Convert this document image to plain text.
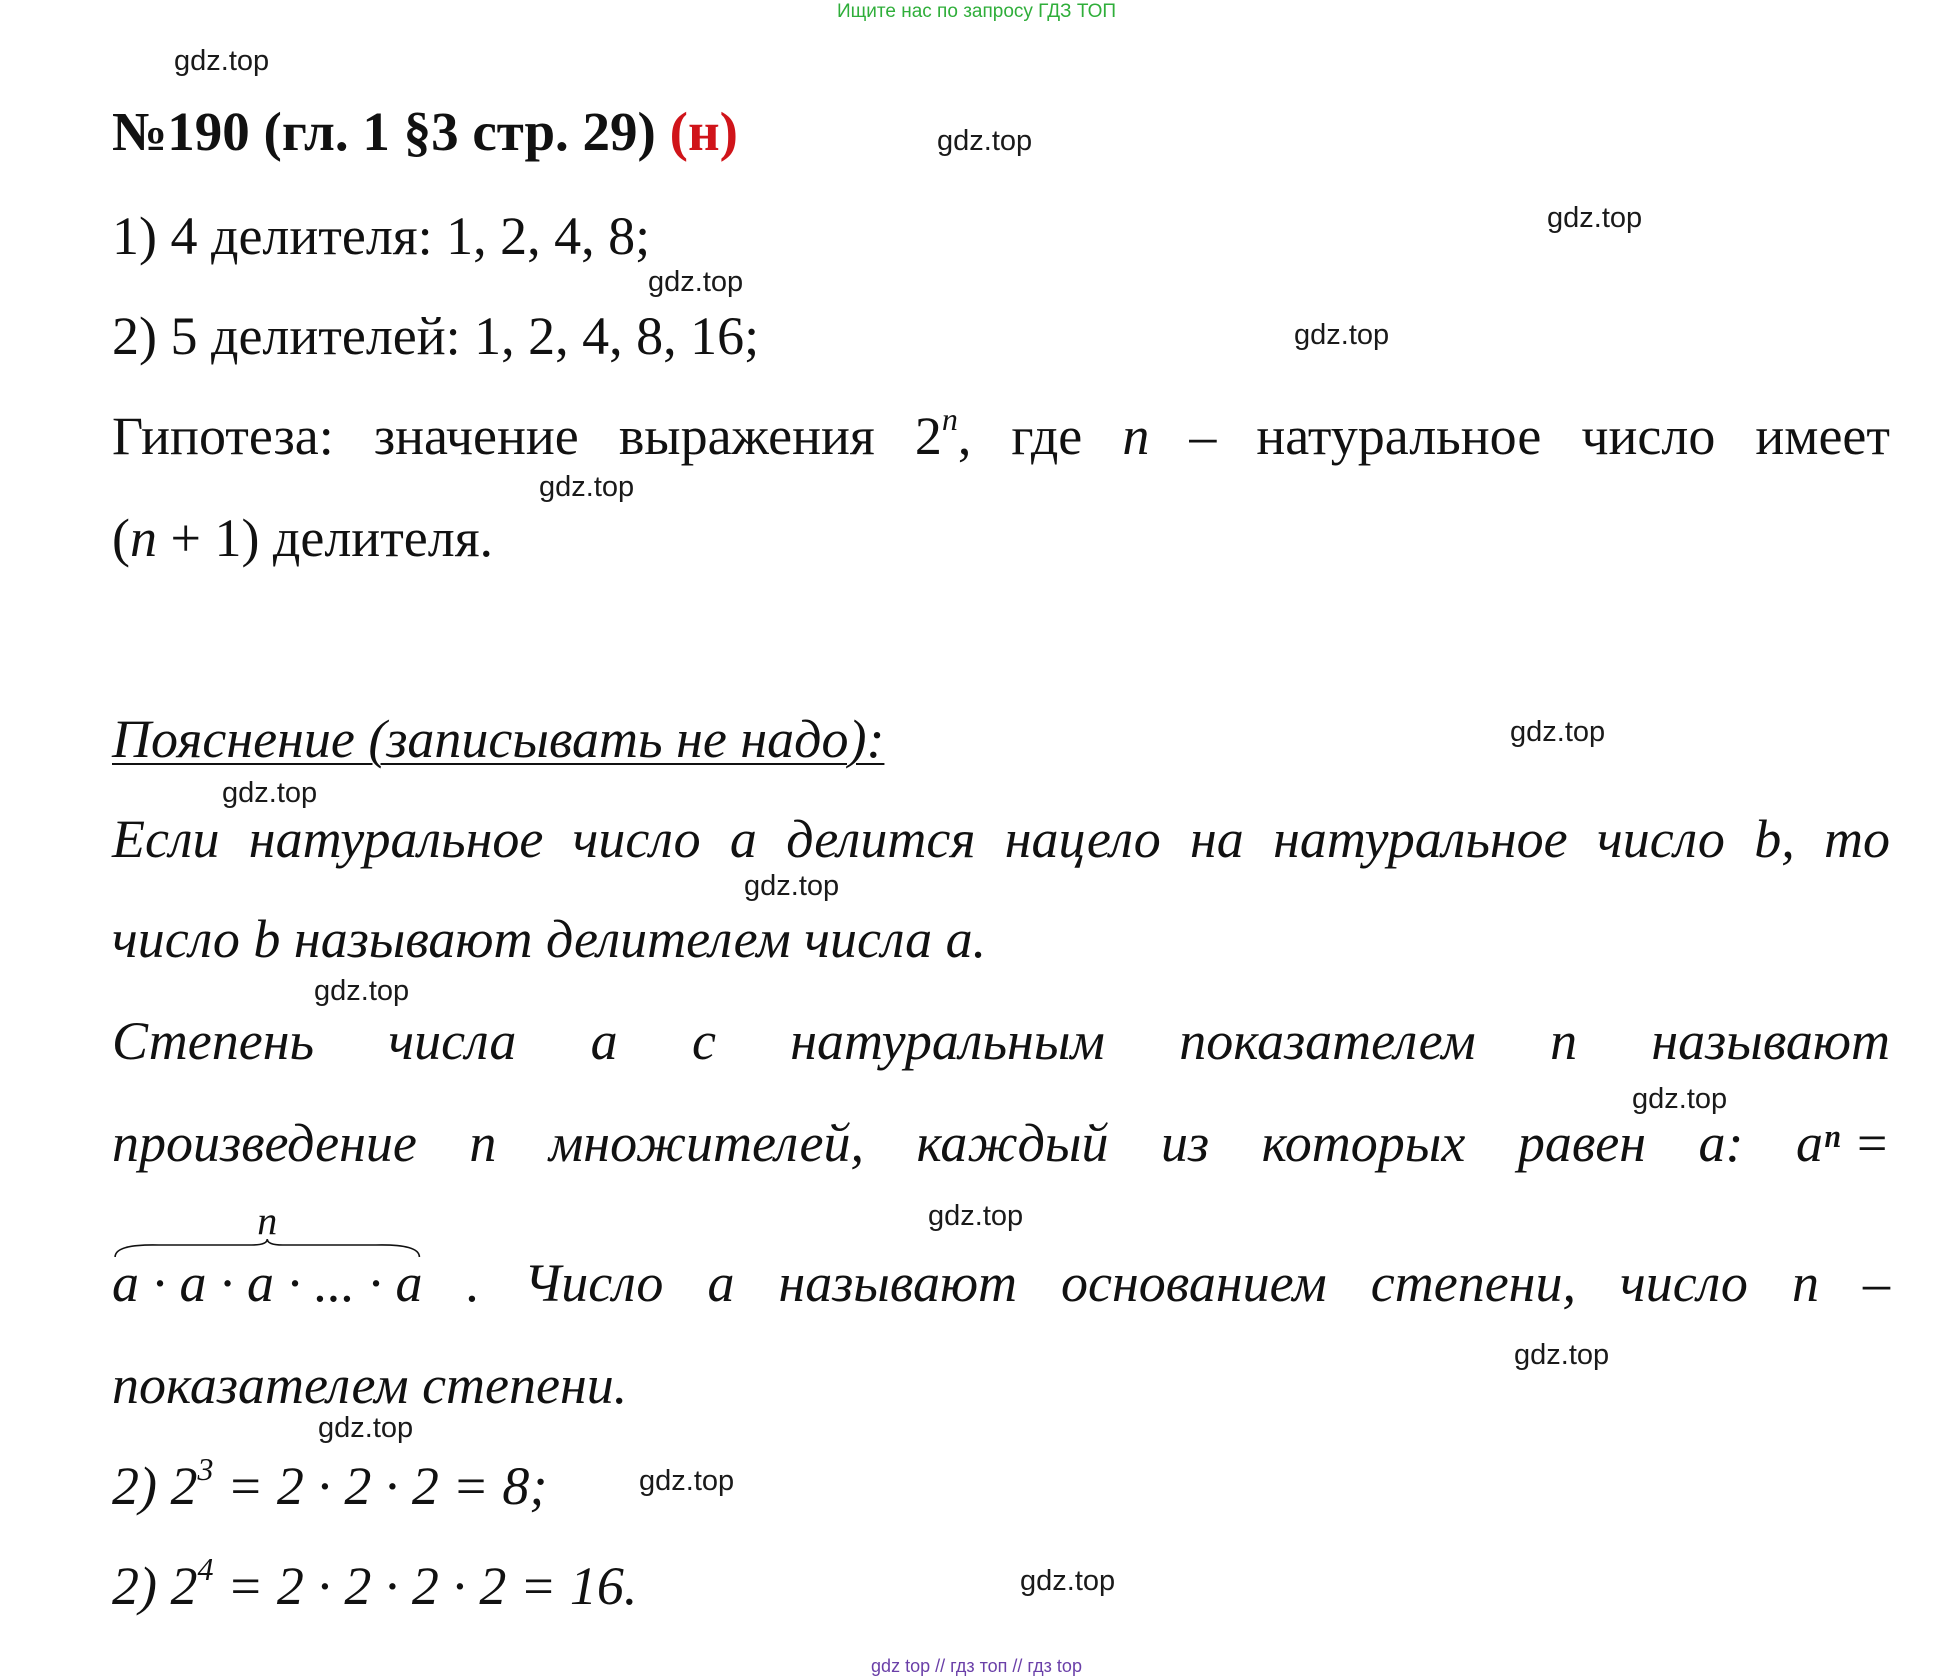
Ищите нас по запросу ГДЗ ТОП
№190 (гл. 1 §3 стр. 29) (н)
1) 4 делителя: 1, 2, 4, 8;
2) 5 делителей: 1, 2, 4, 8, 16;
Гипотеза: значение выражения 2$^n$, где n – натуральное число имеет
(n + 1) делителя.
Пояснение (записывать не надо):
Если натуральное число a делится нацело на натуральное число b, то
число b называют делителем числа a.
Степень числа a с натуральным показателем n называют
произведение n множителей, каждый из которых равен a: aⁿ =
n
a · a · a · ... · a . Число a называют основанием степени, число n –
показателем степени.
2) $2^3 = 2 \cdot 2 \cdot 2 = 8$;
2) $2^4 = 2 \cdot 2 \cdot 2 \cdot 2 = 16$.
gdz.top
gdz.top
gdz.top
gdz.top
gdz.top
gdz.top
gdz.top
gdz.top
gdz.top
gdz.top
gdz.top
gdz.top
gdz.top
gdz.top
gdz.top
gdz.top
gdz top // гдз топ // гдз top
